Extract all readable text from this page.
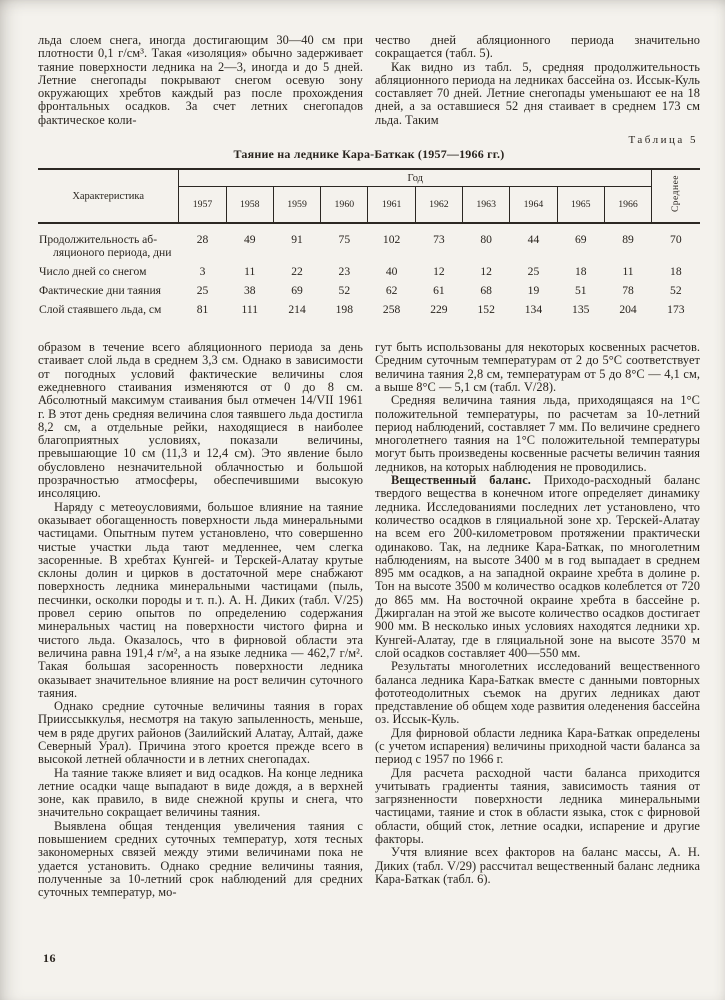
льда слоем снега, иногда достигающим 30—40 см при плотности 0,1 г/см³. Такая «изоляция» обычно задерживает таяние поверхности ледника на 2—3, иногда и до 5 дней. Летние снегопады покрывают снегом осевую зону окружающих хребтов каждый раз после прохождения фронтальных осадков. За счет летних снегопадов фактическое коли-

чество дней абляционного периода значительно сокращается (табл. 5).

Как видно из табл. 5, средняя продолжительность абляционного периода на ледниках бассейна оз. Иссык-Куль составляет 70 дней. Летние снегопады уменьшают ее на 18 дней, а за оставшиеся 52 дня стаивает в среднем 173 см льда. Таким

Таблица 5
Таяние на леднике Кара-Баткак (1957—1966 гг.)
Характеристика	Год										Среднее
	1957	1958	1959	1960	1961	1962	1963	1964	1965	1966	

Продолжительность аб-
ляционого периода, дни	28	49	91	75	102	73	80	44	69	89	70

Число дней со снегом	3	11	22	23	40	12	12	25	18	11	18

Фактические дни таяния	25	38	69	52	62	61	68	19	51	78	52

Слой стаявшего льда, см	81	111	214	198	258	229	152	134	135	204	173

образом в течение всего абляционного периода за день стаивает слой льда в среднем 3,3 см. Однако в зависимости от погодных условий фактические величины слоя ежедневного стаивания изменяются от 0 до 8 см. Абсолютный максимум стаивания был отмечен 14/VII 1961 г. В этот день средняя величина слоя таявшего льда достигла 8,2 см, а отдельные рейки, находящиеся в наиболее благоприятных условиях, показали величины, превышающие 10 см (11,3 и 12,4 см). Это явление было обусловлено незначительной облачностью и большой прозрачностью атмосферы, обеспечившими высокую инсоляцию.

Наряду с метеоусловиями, большое влияние на таяние оказывает обогащенность поверхности льда минеральными частицами. Опытным путем установлено, что совершенно чистые участки льда тают медленнее, чем слегка засоренные. В хребтах Кунгей- и Терскей-Алатау крутые склоны долин и цирков в достаточной мере снабжают поверхность ледника минеральными частицами (пыль, песчинки, осколки породы и т. п.). А. Н. Диких (табл. V/25) провел серию опытов по определению содержания минеральных частиц на поверхности чистого фирна и чистого льда. Оказалось, что в фирновой области эта величина равна 191,4 г/м², а на языке ледника — 462,7 г/м². Такая большая засоренность поверхности ледника оказывает значительное влияние на рост величин суточного таяния.

Однако средние суточные величины таяния в горах Прииссыккулья, несмотря на такую запыленность, меньше, чем в ряде других районов (Заилийский Алатау, Алтай, даже Северный Урал). Причина этого кроется прежде всего в высокой летней облачности и в летних снегопадах.

На таяние также влияет и вид осадков. На конце ледника летние осадки чаще выпадают в виде дождя, а в верхней зоне, как правило, в виде снежной крупы и снега, что значительно сокращает величины таяния.

Выявлена общая тенденция увеличения таяния с повышением средних суточных температур, хотя тесных закономерных связей между этими величинами пока не удается установить. Однако средние величины таяния, полученные за 10-летний срок наблюдений для средних суточных температур, мо-

гут быть использованы для некоторых косвенных расчетов. Средним суточным температурам от 2 до 5°С соответствует величина таяния 2,8 см, температурам от 5 до 8°С — 4,1 см, а выше 8°С — 5,1 см (табл. V/28).

Средняя величина таяния льда, приходящаяся на 1°С положительной температуры, по расчетам за 10-летний период наблюдений, составляет 7 мм. По величине среднего многолетнего таяния на 1°С положительной температуры могут быть произведены косвенные расчеты величин таяния ледников, на которых наблюдения не проводились.

Вещественный баланс. Приходо-расходный баланс твердого вещества в конечном итоге определяет динамику ледника. Исследованиями последних лет установлено, что количество осадков в гляциальной зоне хр. Терскей-Алатау на всем его 200-километровом протяжении практически одинаково. Так, на леднике Кара-Баткак, по многолетним наблюдениям, на высоте 3400 м в год выпадает в среднем 895 мм осадков, а на западной окраине хребта в долине р. Тон на высоте 3500 м количество осадков колеблется от 720 до 865 мм. На восточной окраине хребта в бассейне р. Джиргалан на этой же высоте количество осадков достигает 900 мм. В несколько иных условиях находятся ледники хр. Кунгей-Алатау, где в гляциальной зоне на высоте 3570 м слой осадков составляет 400—550 мм.

Результаты многолетних исследований вещественного баланса ледника Кара-Баткак вместе с данными повторных фототеодолитных съемок на других ледниках дают представление об общем ходе развития оледенения бассейна оз. Иссык-Куль.

Для фирновой области ледника Кара-Баткак определены (с учетом испарения) величины приходной части баланса за период с 1957 по 1966 г.

Для расчета расходной части баланса приходится учитывать градиенты таяния, зависимость таяния от загрязненности поверхности ледника минеральными частицами, таяние и сток в области языка, сток с фирновой области, общий сток, летние осадки, испарение и другие факторы.

Учтя влияние всех факторов на баланс массы, А. Н. Диких (табл. V/29) рассчитал вещественный баланс ледника Кара-Баткак (табл. 6).

16
